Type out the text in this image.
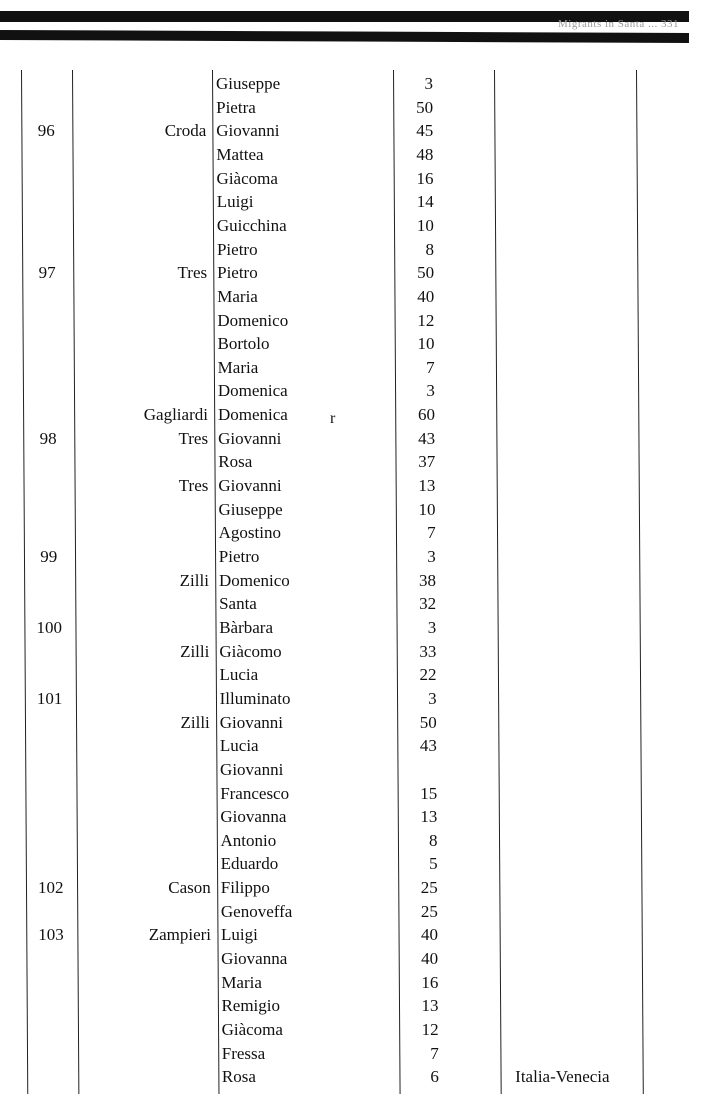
Migrants in Santa ... 331
Giuseppe	3
Pietra	50
96	Croda Giovanni	45
Mattea	48
Giàcoma	16
Luigi	14
Guicchina	10
Pietro	8
97	Tres Pietro	50
Maria	40
Domenico	12
Bortolo	10
Maria	7
Domenica	3
Gagliardi Domenica	60
98	Tres Giovanni	43
Rosa	37
Tres Giovanni	13
Giuseppe	10
Agostino	7
99	Pietro	3
Zilli Domenico	38
Santa	32
100	Bàrbara	3
Zilli Giàcomo	33
Lucia	22
101	Illuminato	3
Zilli Giovanni	50
Lucia	43
Giovanni
Francesco	15
Giovanna	13
Antonio	8
Eduardo	5
102	Cason Filippo	25
Genoveffa	25
103	Zampieri Luigi	40
Giovanna	40
Maria	16
Remigio	13
Giàcoma	12
Fressa	7
Rosa	6	Italia-Venecia
r
